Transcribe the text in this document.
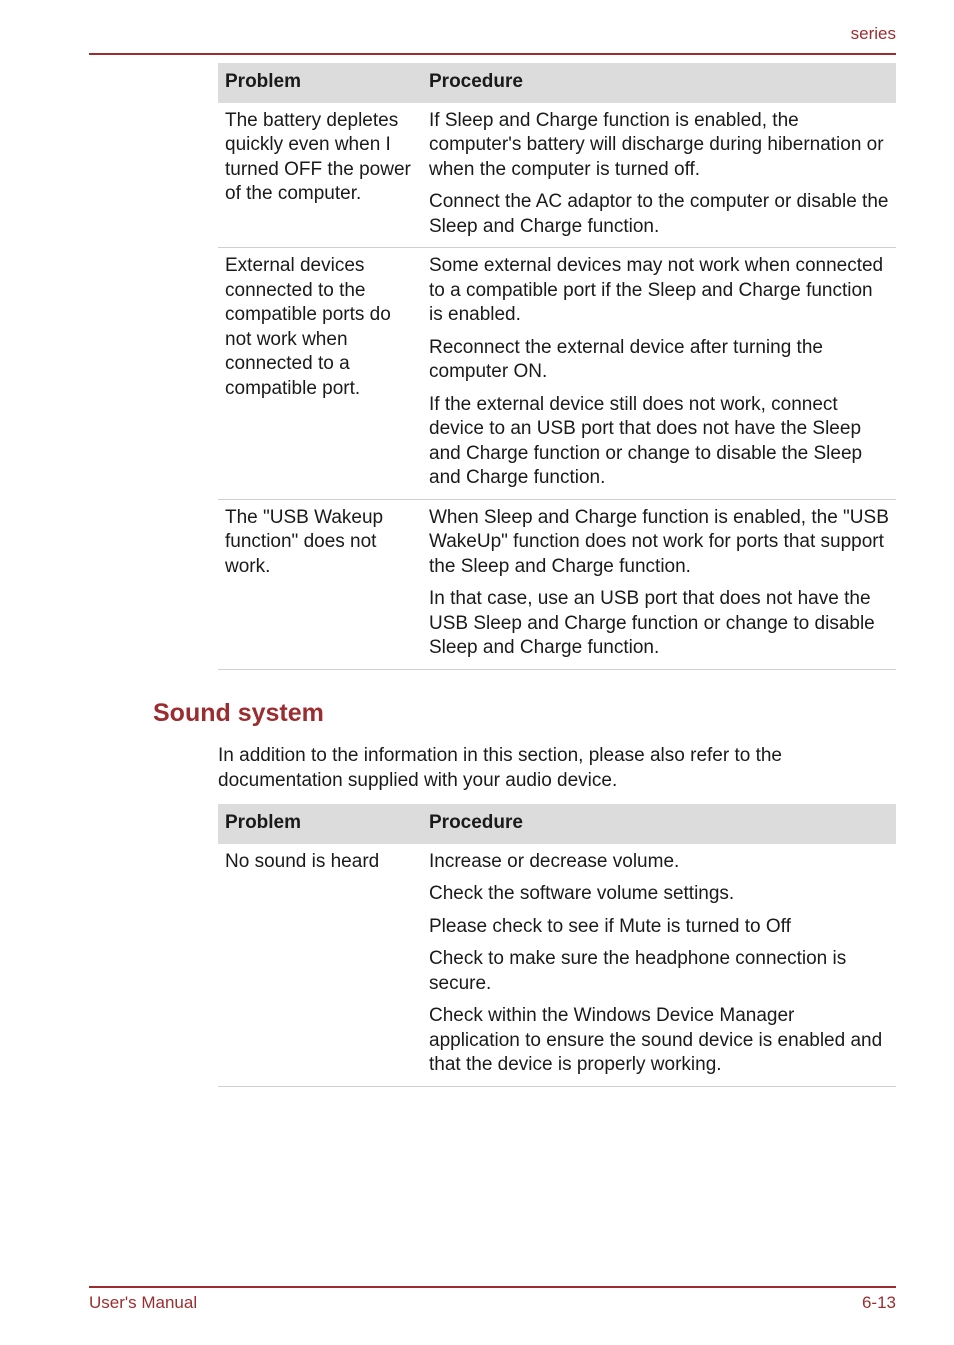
series
Problem	Procedure
The battery depletes quickly even when I turned OFF the power of the computer.	If Sleep and Charge function is enabled, the computer's battery will discharge during hibernation or when the computer is turned off.

Connect the AC adaptor to the computer or disable the Sleep and Charge function.

External devices connected to the compatible ports do not work when connected to a compatible port.	Some external devices may not work when connected to a compatible port if the Sleep and Charge function is enabled.

Reconnect the external device after turning the computer ON.

If the external device still does not work, connect device to an USB port that does not have the Sleep and Charge function or change to disable the Sleep and Charge function.

The "USB Wakeup function" does not work.	When Sleep and Charge function is enabled, the "USB WakeUp" function does not work for ports that support the Sleep and Charge function.

In that case, use an USB port that does not have the USB Sleep and Charge function or change to disable Sleep and Charge function.

Sound system

In addition to the information in this section, please also refer to the documentation supplied with your audio device.

Problem	Procedure
No sound is heard	Increase or decrease volume.

Check the software volume settings.

Please check to see if Mute is turned to Off

Check to make sure the headphone connection is secure.

Check within the Windows Device Manager application to ensure the sound device is enabled and that the device is properly working.

User's Manual	6-13
